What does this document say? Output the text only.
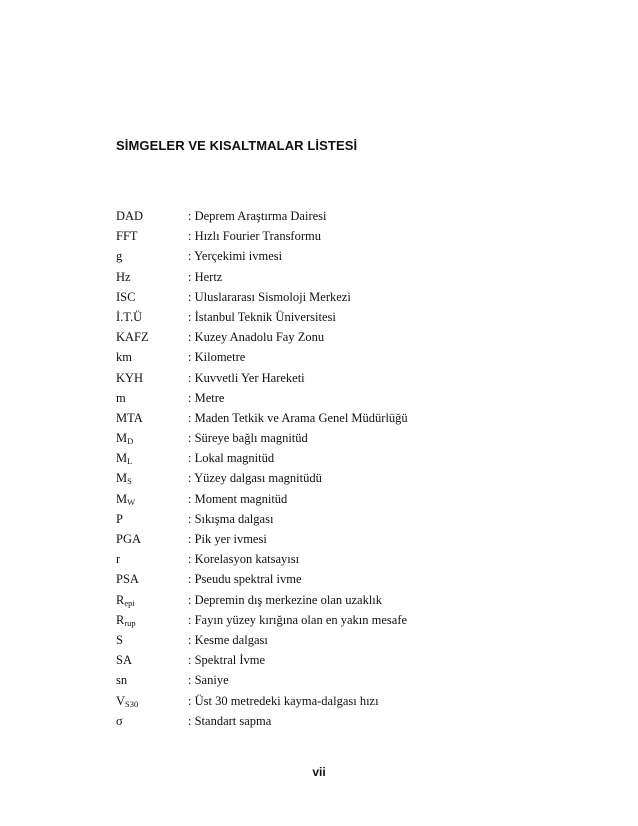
SİMGELER VE KISALTMALAR LİSTESİ
DAD	: Deprem Araştırma Dairesi
FFT	: Hızlı Fourier Transformu
g	: Yerçekimi ivmesi
Hz	: Hertz
ISC	: Uluslararası Sismoloji Merkezi
İ.T.Ü	: İstanbul Teknik Üniversitesi
KAFZ	: Kuzey Anadolu Fay Zonu
km	: Kilometre
KYH	: Kuvvetli Yer Hareketi
m	: Metre
MTA	: Maden Tetkik ve Arama Genel Müdürlüğü
$M_D$	: Süreye bağlı magnitüd
$M_L$	: Lokal magnitüd
$M_S$	: Yüzey dalgası magnitüdü
$M_W$	: Moment magnitüd
P	: Sıkışma dalgası
PGA	: Pik yer ivmesi
r	: Korelasyon katsayısı
PSA	: Pseudu spektral ivme
$R_{epi}$	: Depremin dış merkezine olan uzaklık
$R_{rup}$	: Fayın yüzey kırığına olan en yakın mesafe
S	: Kesme dalgası
SA	: Spektral İvme
sn	: Saniye
$V_{S30}$	: Üst 30 metredeki kayma-dalgası hızı
σ	: Standart sapma
vii
